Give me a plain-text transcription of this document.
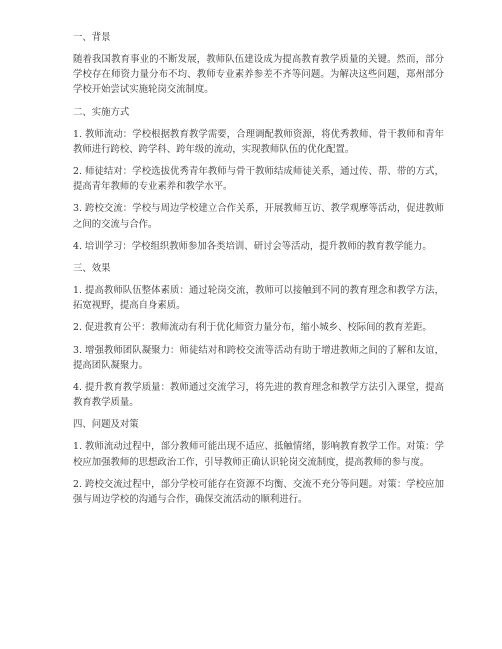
一、背景

随着我国教育事业的不断发展，教师队伍建设成为提高教育教学质量的关键。然而，部分学校存在师资力量分布不均、教师专业素养参差不齐等问题。为解决这些问题，郑州部分学校开始尝试实施轮岗交流制度。

二、实施方式

1. 教师流动：学校根据教育教学需要，合理调配教师资源，将优秀教师、骨干教师和青年教师进行跨校、跨学科、跨年级的流动，实现教师队伍的优化配置。

2. 师徒结对：学校选拔优秀青年教师与骨干教师结成师徒关系，通过传、帮、带的方式，提高青年教师的专业素养和教学水平。

3. 跨校交流：学校与周边学校建立合作关系，开展教师互访、教学观摩等活动，促进教师之间的交流与合作。

4. 培训学习：学校组织教师参加各类培训、研讨会等活动，提升教师的教育教学能力。

三、效果

1. 提高教师队伍整体素质：通过轮岗交流，教师可以接触到不同的教育理念和教学方法，拓宽视野，提高自身素质。

2. 促进教育公平：教师流动有利于优化师资力量分布，缩小城乡、校际间的教育差距。

3. 增强教师团队凝聚力：师徒结对和跨校交流等活动有助于增进教师之间的了解和友谊，提高团队凝聚力。

4. 提升教育教学质量：教师通过交流学习，将先进的教育理念和教学方法引入课堂，提高教育教学质量。

四、问题及对策

1. 教师流动过程中，部分教师可能出现不适应、抵触情绪，影响教育教学工作。对策：学校应加强教师的思想政治工作，引导教师正确认识轮岗交流制度，提高教师的参与度。

2. 跨校交流过程中，部分学校可能存在资源不均衡、交流不充分等问题。对策：学校应加强与周边学校的沟通与合作，确保交流活动的顺利进行。
